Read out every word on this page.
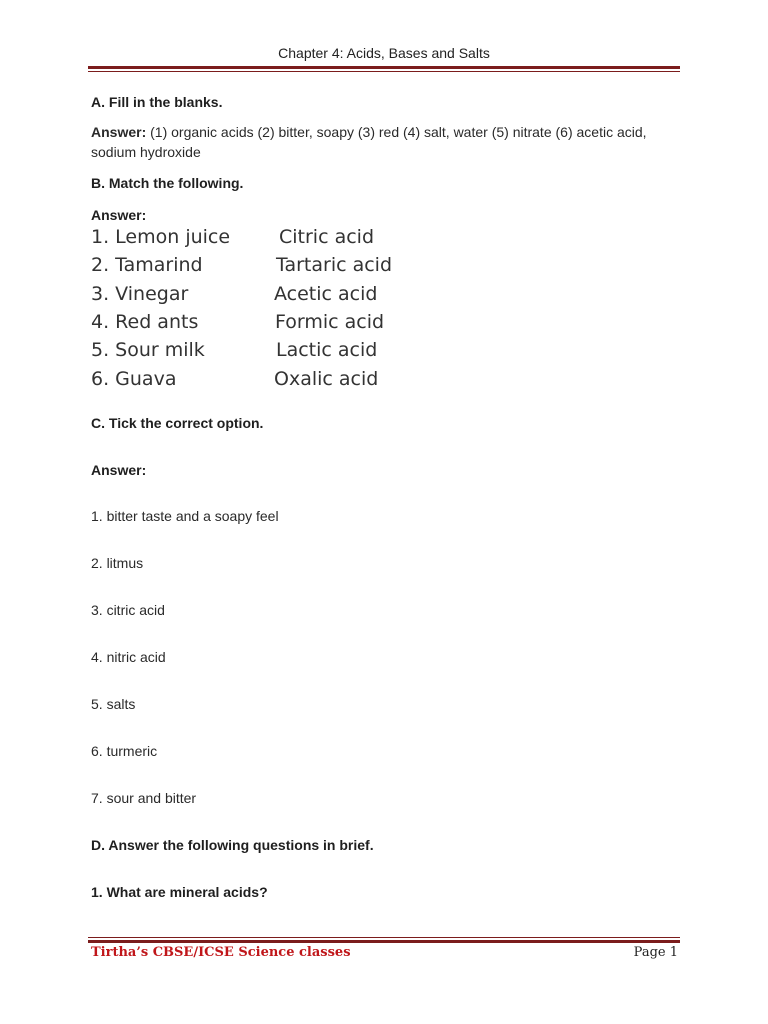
Chapter 4: Acids, Bases and Salts
A. Fill in the blanks.
Answer: (1) organic acids (2) bitter, soapy (3) red (4) salt, water (5) nitrate (6) acetic acid, sodium hydroxide
B. Match the following.
Answer:
1. Lemon juice	Citric acid
2. Tamarind	Tartaric acid
3. Vinegar	Acetic acid
4. Red ants	Formic acid
5. Sour milk	Lactic acid
6. Guava	Oxalic acid
C. Tick the correct option.
Answer:
1. bitter taste and a soapy feel
2. litmus
3. citric acid
4. nitric acid
5. salts
6. turmeric
7. sour and bitter
D. Answer the following questions in brief.
1. What are mineral acids?
Tirtha’s CBSE/ICSE Science classes	Page 1
